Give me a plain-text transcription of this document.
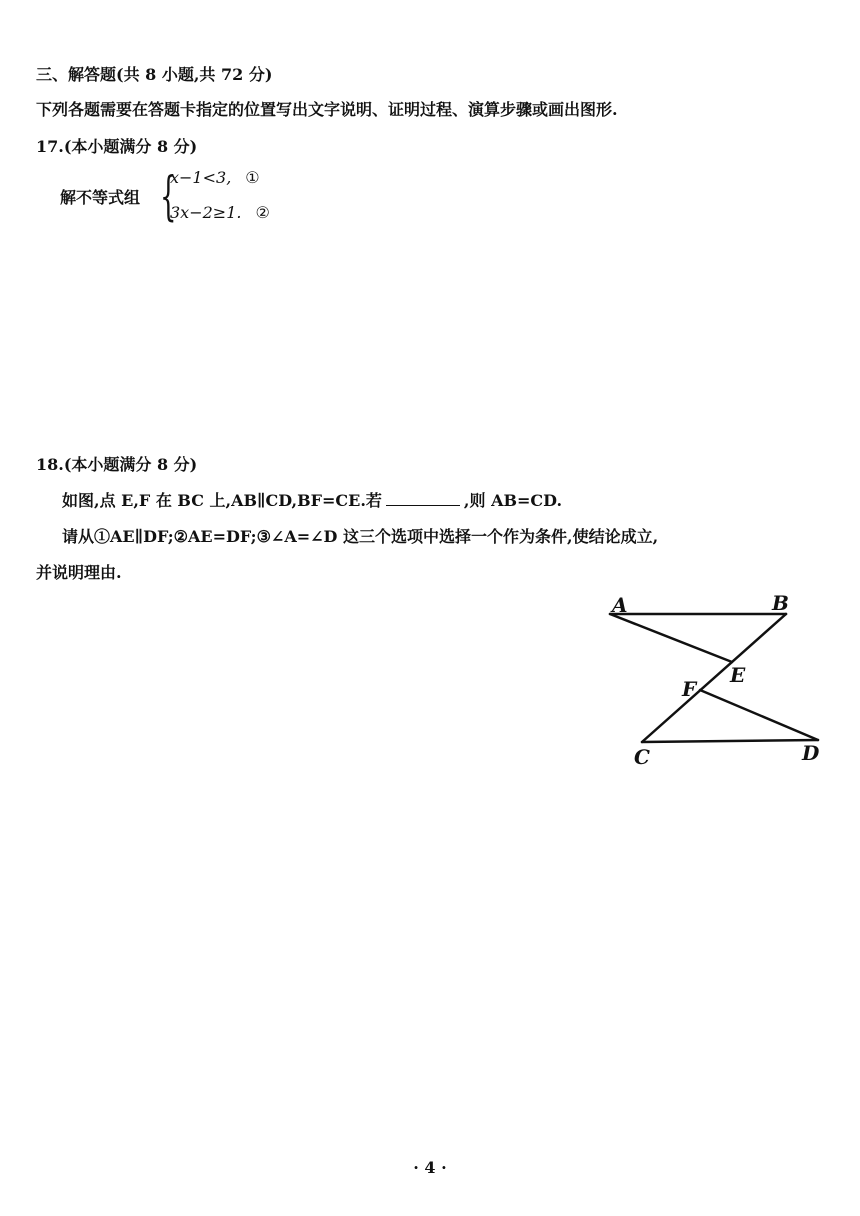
三、解答题(共 8 小题,共 72 分)
下列各题需要在答题卡指定的位置写出文字说明、证明过程、演算步骤或画出图形.
17.(本小题满分 8 分)
解不等式组 {
x−1<3, ①
3x−2≥1. ②
18.(本小题满分 8 分)
如图,点 E,F 在 BC 上,AB∥CD,BF=CE.若	,则 AB=CD.
请从①AE∥DF;②AE=DF;③∠A=∠D 这三个选项中选择一个作为条件,使结论成立,
并说明理由.
A	B
C	D
E
F
· 4 ·
